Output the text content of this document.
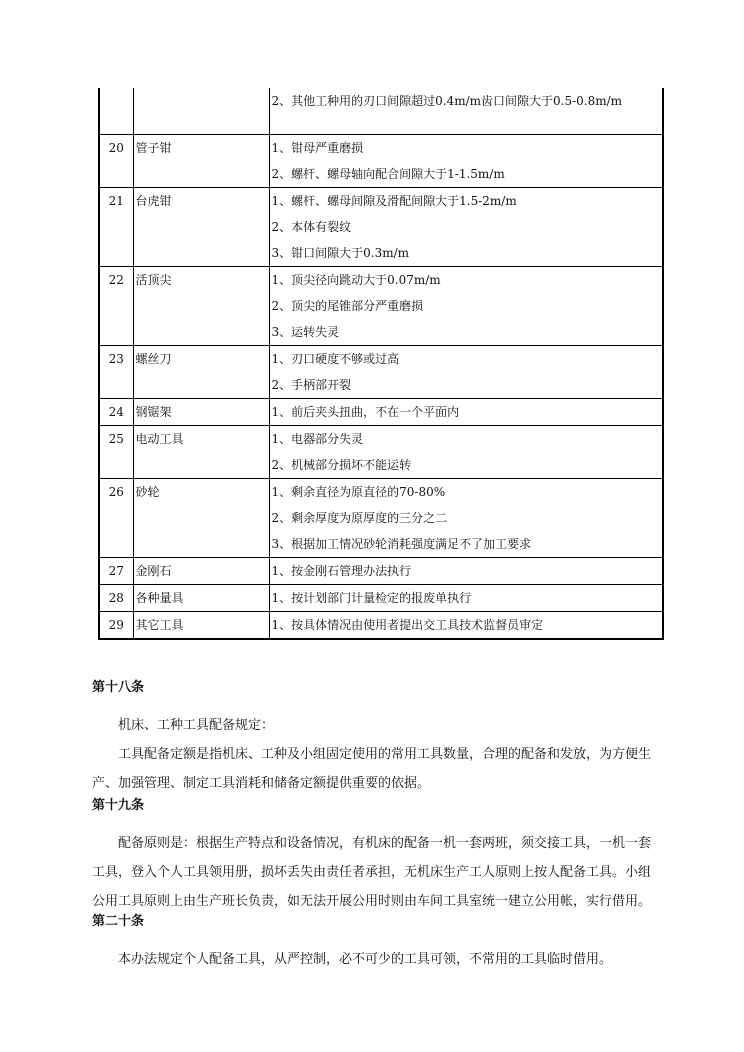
		2、其他工种用的刃口间隙超过0.4m/m齿口间隙大于0.5-0.8m/m

20	管子钳	1、钳母严重磨损
2、螺杆、螺母轴向配合间隙大于1-1.5m/m

21	台虎钳	1、螺杆、螺母间隙及滑配间隙大于1.5-2m/m
2、本体有裂纹
3、钳口间隙大于0.3m/m

22	活顶尖	1、顶尖径向跳动大于0.07m/m
2、顶尖的尾锥部分严重磨损
3、运转失灵

23	螺丝刀	1、刃口硬度不够或过高
2、手柄部开裂

24	钢锯架	1、前后夹头扭曲，不在一个平面内

25	电动工具	1、电器部分失灵
2、机械部分损坏不能运转

26	砂轮	1、剩余直径为原直径的70-80%
2、剩余厚度为原厚度的三分之二
3、根据加工情况砂轮消耗强度满足不了加工要求

27	金刚石	1、按金刚石管理办法执行

28	各种量具	1、按计划部门计量检定的报废单执行

29	其它工具	1、按具体情况由使用者提出交工具技术监督员审定
第十八条

机床、工种工具配备规定：

工具配备定额是指机床、工种及小组固定使用的常用工具数量，合理的配备和发放，为方便生产、加强管理、制定工具消耗和储备定额提供重要的依据。

第十九条

配备原则是：根据生产特点和设备情况，有机床的配备一机一套两班，须交接工具，一机一套工具，登入个人工具领用册，损坏丢失由责任者承担，无机床生产工人原则上按人配备工具。小组公用工具原则上由生产班长负责，如无法开展公用时则由车间工具室统一建立公用帐，实行借用。

第二十条

本办法规定个人配备工具，从严控制，必不可少的工具可领，不常用的工具临时借用。
